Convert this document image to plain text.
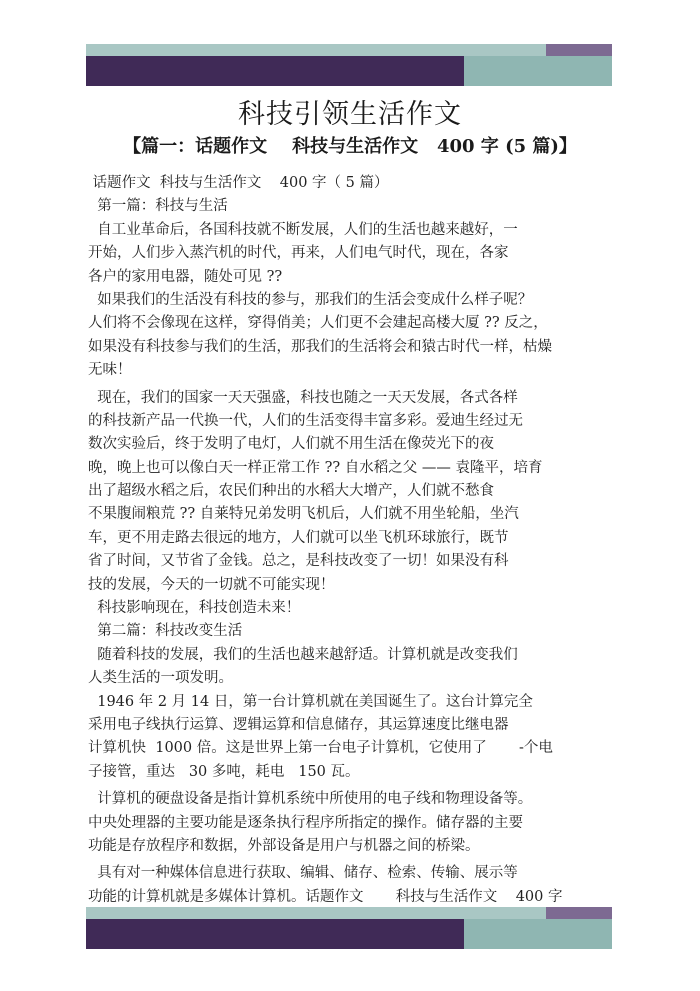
科技引领生活作文
【篇一：话题作文    科技与生活作文   400 字 (5 篇)】
话题作文  科技与生活作文    400 字（ 5 篇）
第一篇：科技与生活
自工业革命后，各国科技就不断发展，人们的生活也越来越好，一
开始，人们步入蒸汽机的时代，再来，人们电气时代，现在，各家
各户的家用电器，随处可见 ??
如果我们的生活没有科技的参与，那我们的生活会变成什么样子呢？
人们将不会像现在这样，穿得俏美；人们更不会建起高楼大厦 ?? 反之，
如果没有科技参与我们的生活，那我们的生活将会和猿古时代一样，枯燥
无味！
现在，我们的国家一天天强盛，科技也随之一天天发展，各式各样
的科技新产品一代换一代，人们的生活变得丰富多彩。爱迪生经过无
数次实验后，终于发明了电灯，人们就不用生活在像荧光下的夜
晚，晚上也可以像白天一样正常工作 ?? 自水稻之父 —— 袁隆平，培育
出了超级水稻之后，农民们种出的水稻大大增产，人们就不愁食
不果腹闹粮荒 ?? 自莱特兄弟发明飞机后，人们就不用坐轮船，坐汽
车，更不用走路去很远的地方，人们就可以坐飞机环球旅行，既节
省了时间，又节省了金钱。总之，是科技改变了一切！如果没有科
技的发展，今天的一切就不可能实现！
科技影响现在，科技创造未来！
第二篇：科技改变生活
随着科技的发展，我们的生活也越来越舒适。计算机就是改变我们
人类生活的一项发明。
1946 年 2 月 14 日，第一台计算机就在美国诞生了。这台计算完全
采用电子线执行运算、逻辑运算和信息储存，其运算速度比继电器
计算机快  1000 倍。这是世界上第一台电子计算机，它使用了       -个电
子接管，重达   30 多吨，耗电   150 瓦。
计算机的硬盘设备是指计算机系统中所使用的电子线和物理设备等。
中央处理器的主要功能是逐条执行程序所指定的操作。储存器的主要
功能是存放程序和数据，外部设备是用户与机器之间的桥梁。
具有对一种媒体信息进行获取、编辑、储存、检索、传输、展示等
功能的计算机就是多媒体计算机。话题作文       科技与生活作文    400 字
